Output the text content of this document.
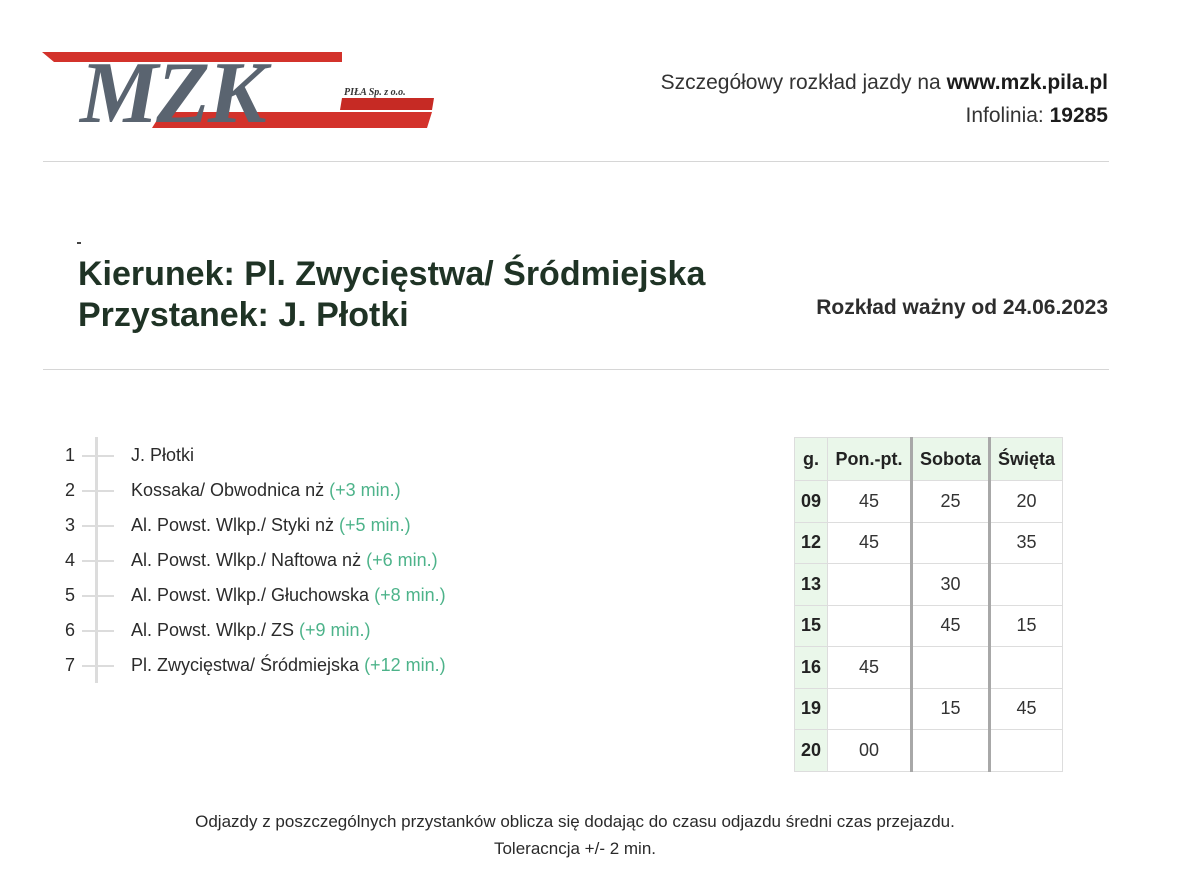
MZK	PIŁA Sp. z o.o.	Szczegółowy rozkład jazdy na www.mzk.pila.pl
Infolinia: 19285
Kierunek: Pl. Zwycięstwa/ Śródmiejska
Przystanek: J. Płotki	Rozkład ważny od 24.06.2023
1	J. Płotki
2	Kossaka/ Obwodnica nż (+3 min.)
3	Al. Powst. Wlkp./ Styki nż (+5 min.)
4	Al. Powst. Wlkp./ Naftowa nż (+6 min.)
5	Al. Powst. Wlkp./ Głuchowska (+8 min.)
6	Al. Powst. Wlkp./ ZS (+9 min.)
7	Pl. Zwycięstwa/ Śródmiejska (+12 min.)
g.	Pon.-pt.	Sobota	Święta
09	45	25	20
12	45		35
13		30	
15		45	15
16	45		
19		15	45
20	00		
Odjazdy z poszczególnych przystanków oblicza się dodając do czasu odjazdu średni czas przejazdu.
Toleracncja +/- 2 min.
